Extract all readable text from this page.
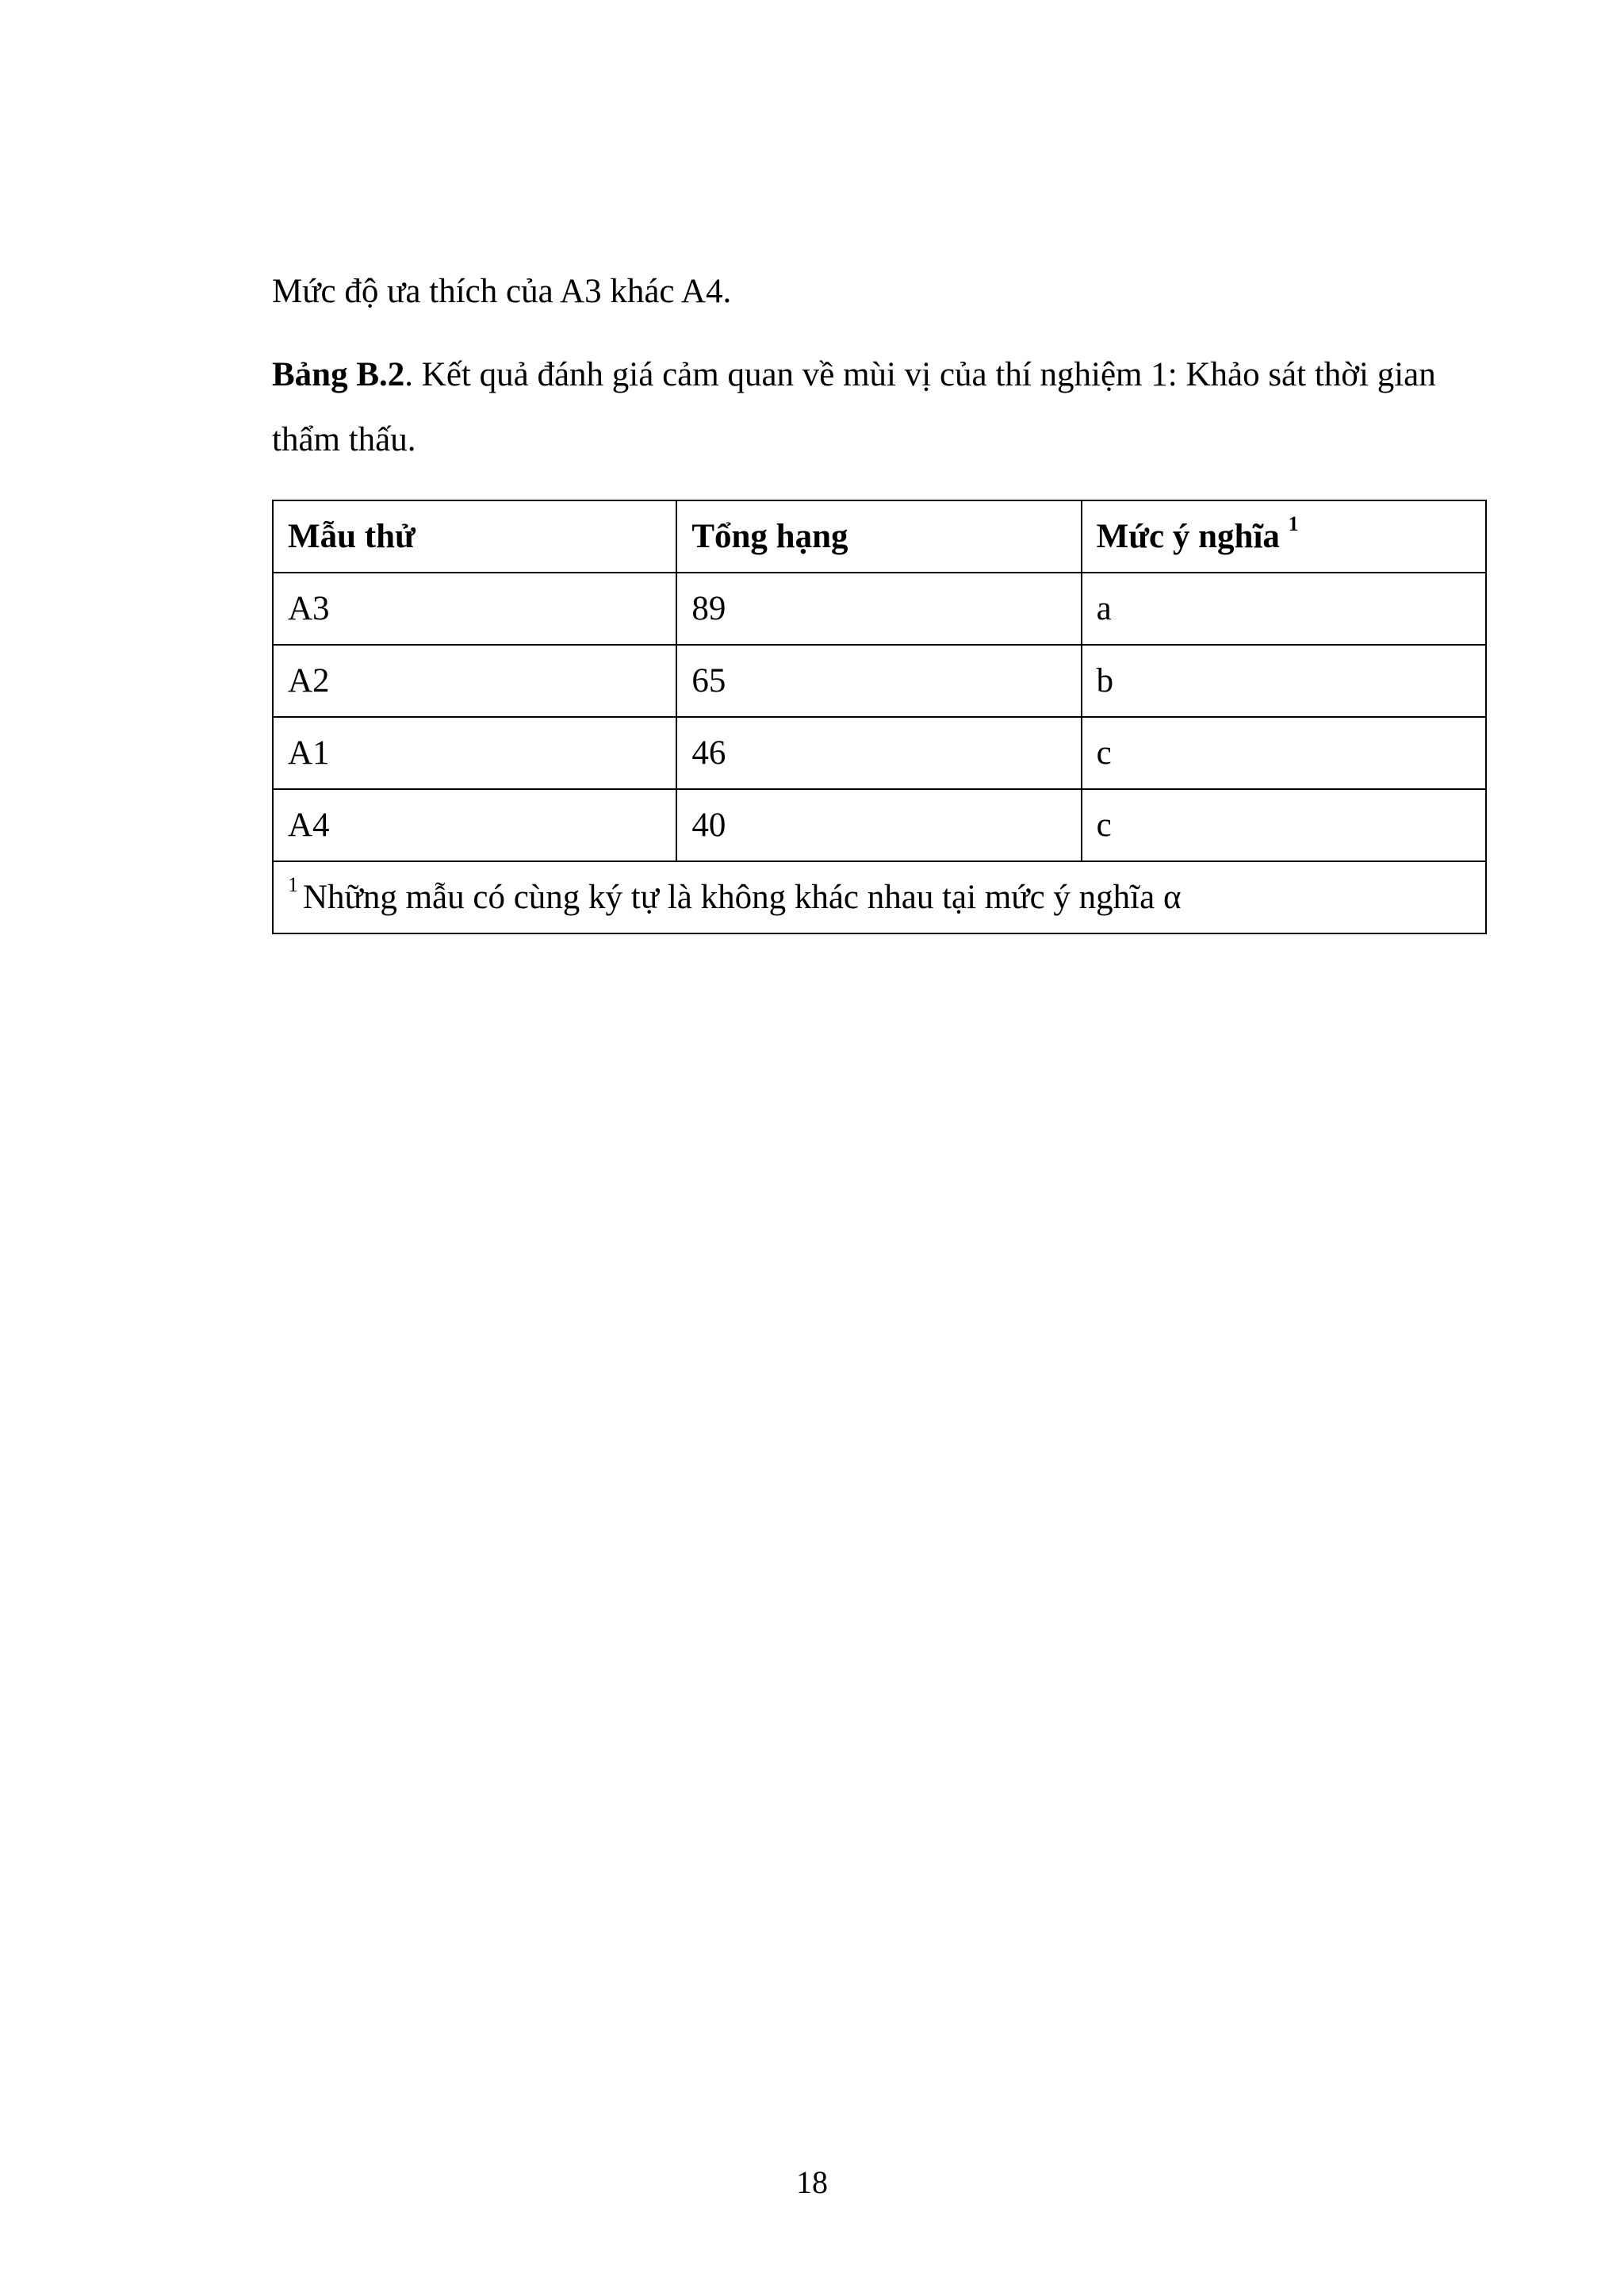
Mức độ ưa thích của A3 khác A4.

Bảng B.2. Kết quả đánh giá cảm quan về mùi vị của thí nghiệm 1: Khảo sát thời gian thẩm thấu.

Mẫu thử	Tổng hạng	Mức ý nghĩa $^1$
A3	89	a
A2	65	b
A1	46	c
A4	40	c
$^1$ Những mẫu có cùng ký tự là không khác nhau tại mức ý nghĩa α		

18
